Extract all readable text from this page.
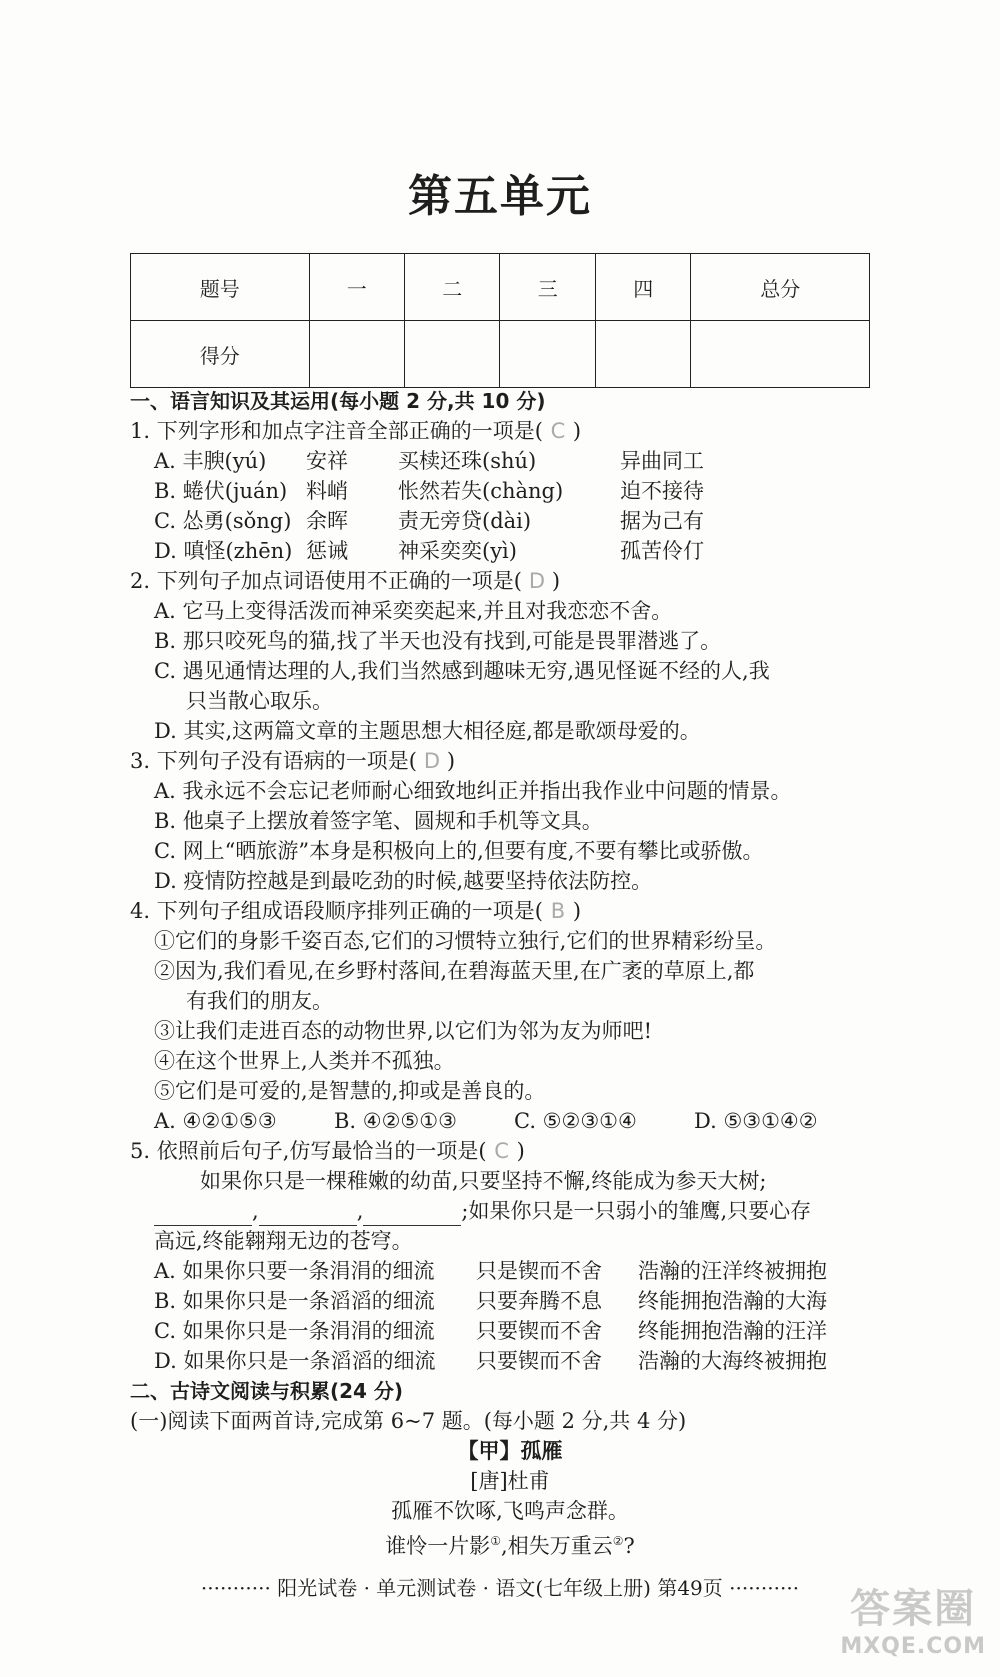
第五单元
题号	一	二	三	四	总分
得分					
一、语言知识及其运用(每小题 2 分,共 10 分)
1. 下列字形和加点字注音全部正确的一项是( C )
A. 丰腴(yú)	安祥	买椟还珠(shú)	异曲同工
B. 蜷伏(juán) 料峭	怅然若失(chàng)	迫不接待
C. 怂勇(sǒng) 余晖	责无旁贷(dài)	据为己有
D. 嗔怪(zhēn) 惩诫	神采奕奕(yì)	孤苦伶仃
2. 下列句子加点词语使用不正确的一项是( D )
A. 它马上变得活泼而神采奕奕起来,并且对我恋恋不舍。
B. 那只咬死鸟的猫,找了半天也没有找到,可能是畏罪潜逃了。
C. 遇见通情达理的人,我们当然感到趣味无穷,遇见怪诞不经的人,我
只当散心取乐。
D. 其实,这两篇文章的主题思想大相径庭,都是歌颂母爱的。
3. 下列句子没有语病的一项是( D )
A. 我永远不会忘记老师耐心细致地纠正并指出我作业中问题的情景。
B. 他桌子上摆放着签字笔、圆规和手机等文具。
C. 网上“晒旅游”本身是积极向上的,但要有度,不要有攀比或骄傲。
D. 疫情防控越是到最吃劲的时候,越要坚持依法防控。
4. 下列句子组成语段顺序排列正确的一项是( B )
①它们的身影千姿百态,它们的习惯特立独行,它们的世界精彩纷呈。
②因为,我们看见,在乡野村落间,在碧海蓝天里,在广袤的草原上,都
有我们的朋友。
③让我们走进百态的动物世界,以它们为邻为友为师吧!
④在这个世界上,人类并不孤独。
⑤它们是可爱的,是智慧的,抑或是善良的。
A. ④②①⑤③	B. ④②⑤①③	C. ⑤②③①④	D. ⑤③①④②
5. 依照前后句子,仿写最恰当的一项是( C )
如果你只是一棵稚嫩的幼苗,只要坚持不懈,终能成为参天大树;
,	,	;如果你只是一只弱小的雏鹰,只要心存
高远,终能翱翔无边的苍穹。
A. 如果你只要一条涓涓的细流	只是锲而不舍	浩瀚的汪洋终被拥抱
B. 如果你只是一条滔滔的细流	只要奔腾不息	终能拥抱浩瀚的大海
C. 如果你只是一条涓涓的细流	只要锲而不舍	终能拥抱浩瀚的汪洋
D. 如果你只是一条滔滔的细流	只要锲而不舍	浩瀚的大海终被拥抱
二、古诗文阅读与积累(24 分)
(一)阅读下面两首诗,完成第 6~7 题。(每小题 2 分,共 4 分)
【甲】孤雁
[唐]杜甫
孤雁不饮啄,飞鸣声念群。
谁怜一片影①,相失万重云②?
··········· 阳光试卷 · 单元测试卷 · 语文(七年级上册) 第49页 ···········	答案圈
MXQE.COM
